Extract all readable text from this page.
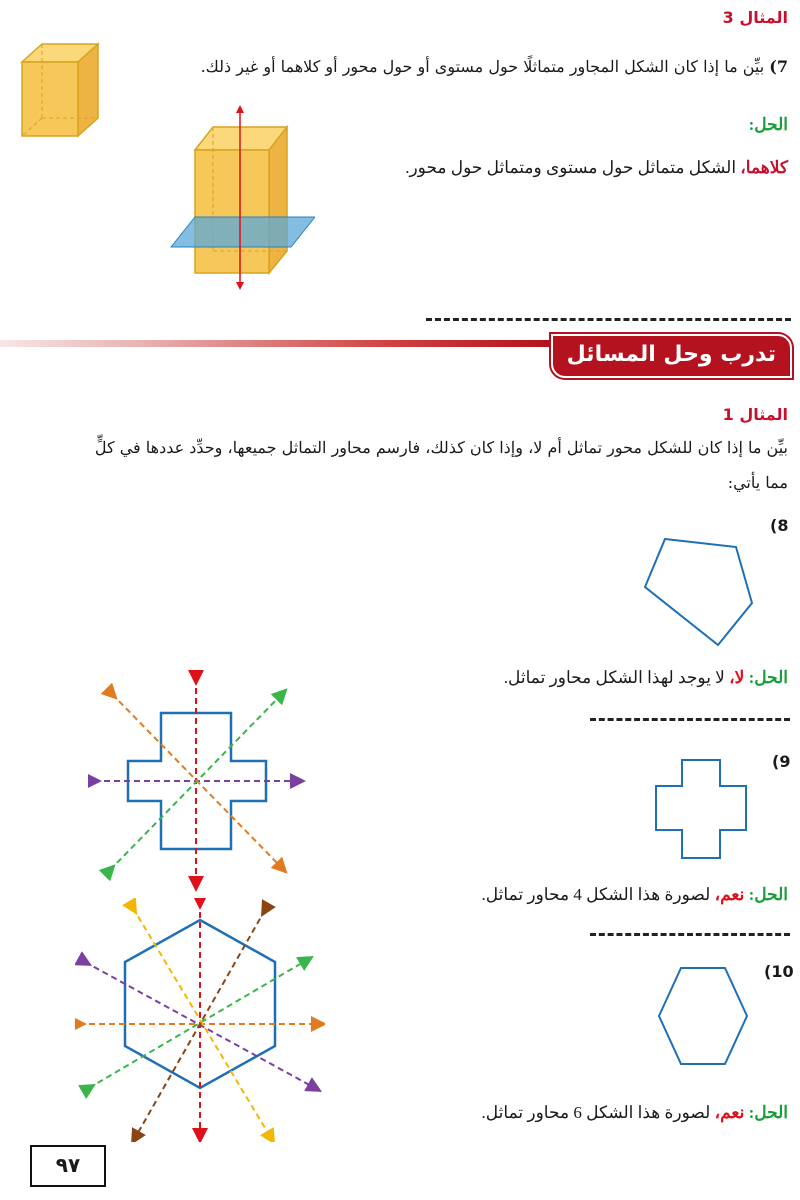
المثال 3
7) بيِّن ما إذا كان الشكل المجاور متماثلًا حول مستوى أو حول محور أو كلاهما أو غير ذلك.
الحل:
كلاهما، الشكل متماثل حول مستوى ومتماثل حول محور.
تدرب وحل المسائل
المثال 1
بيِّن ما إذا كان للشكل محور تماثل أم لا، وإذا كان كذلك، فارسم محاور التماثل جميعها، وحدِّد عددها في كلٍّ
مما يأتي:
(8
الحل: لا، لا يوجد لهذا الشكل محاور تماثل.
(9
الحل: نعم، لصورة هذا الشكل 4 محاور تماثل.
(10
الحل: نعم، لصورة هذا الشكل 6 محاور تماثل.
٩٧
